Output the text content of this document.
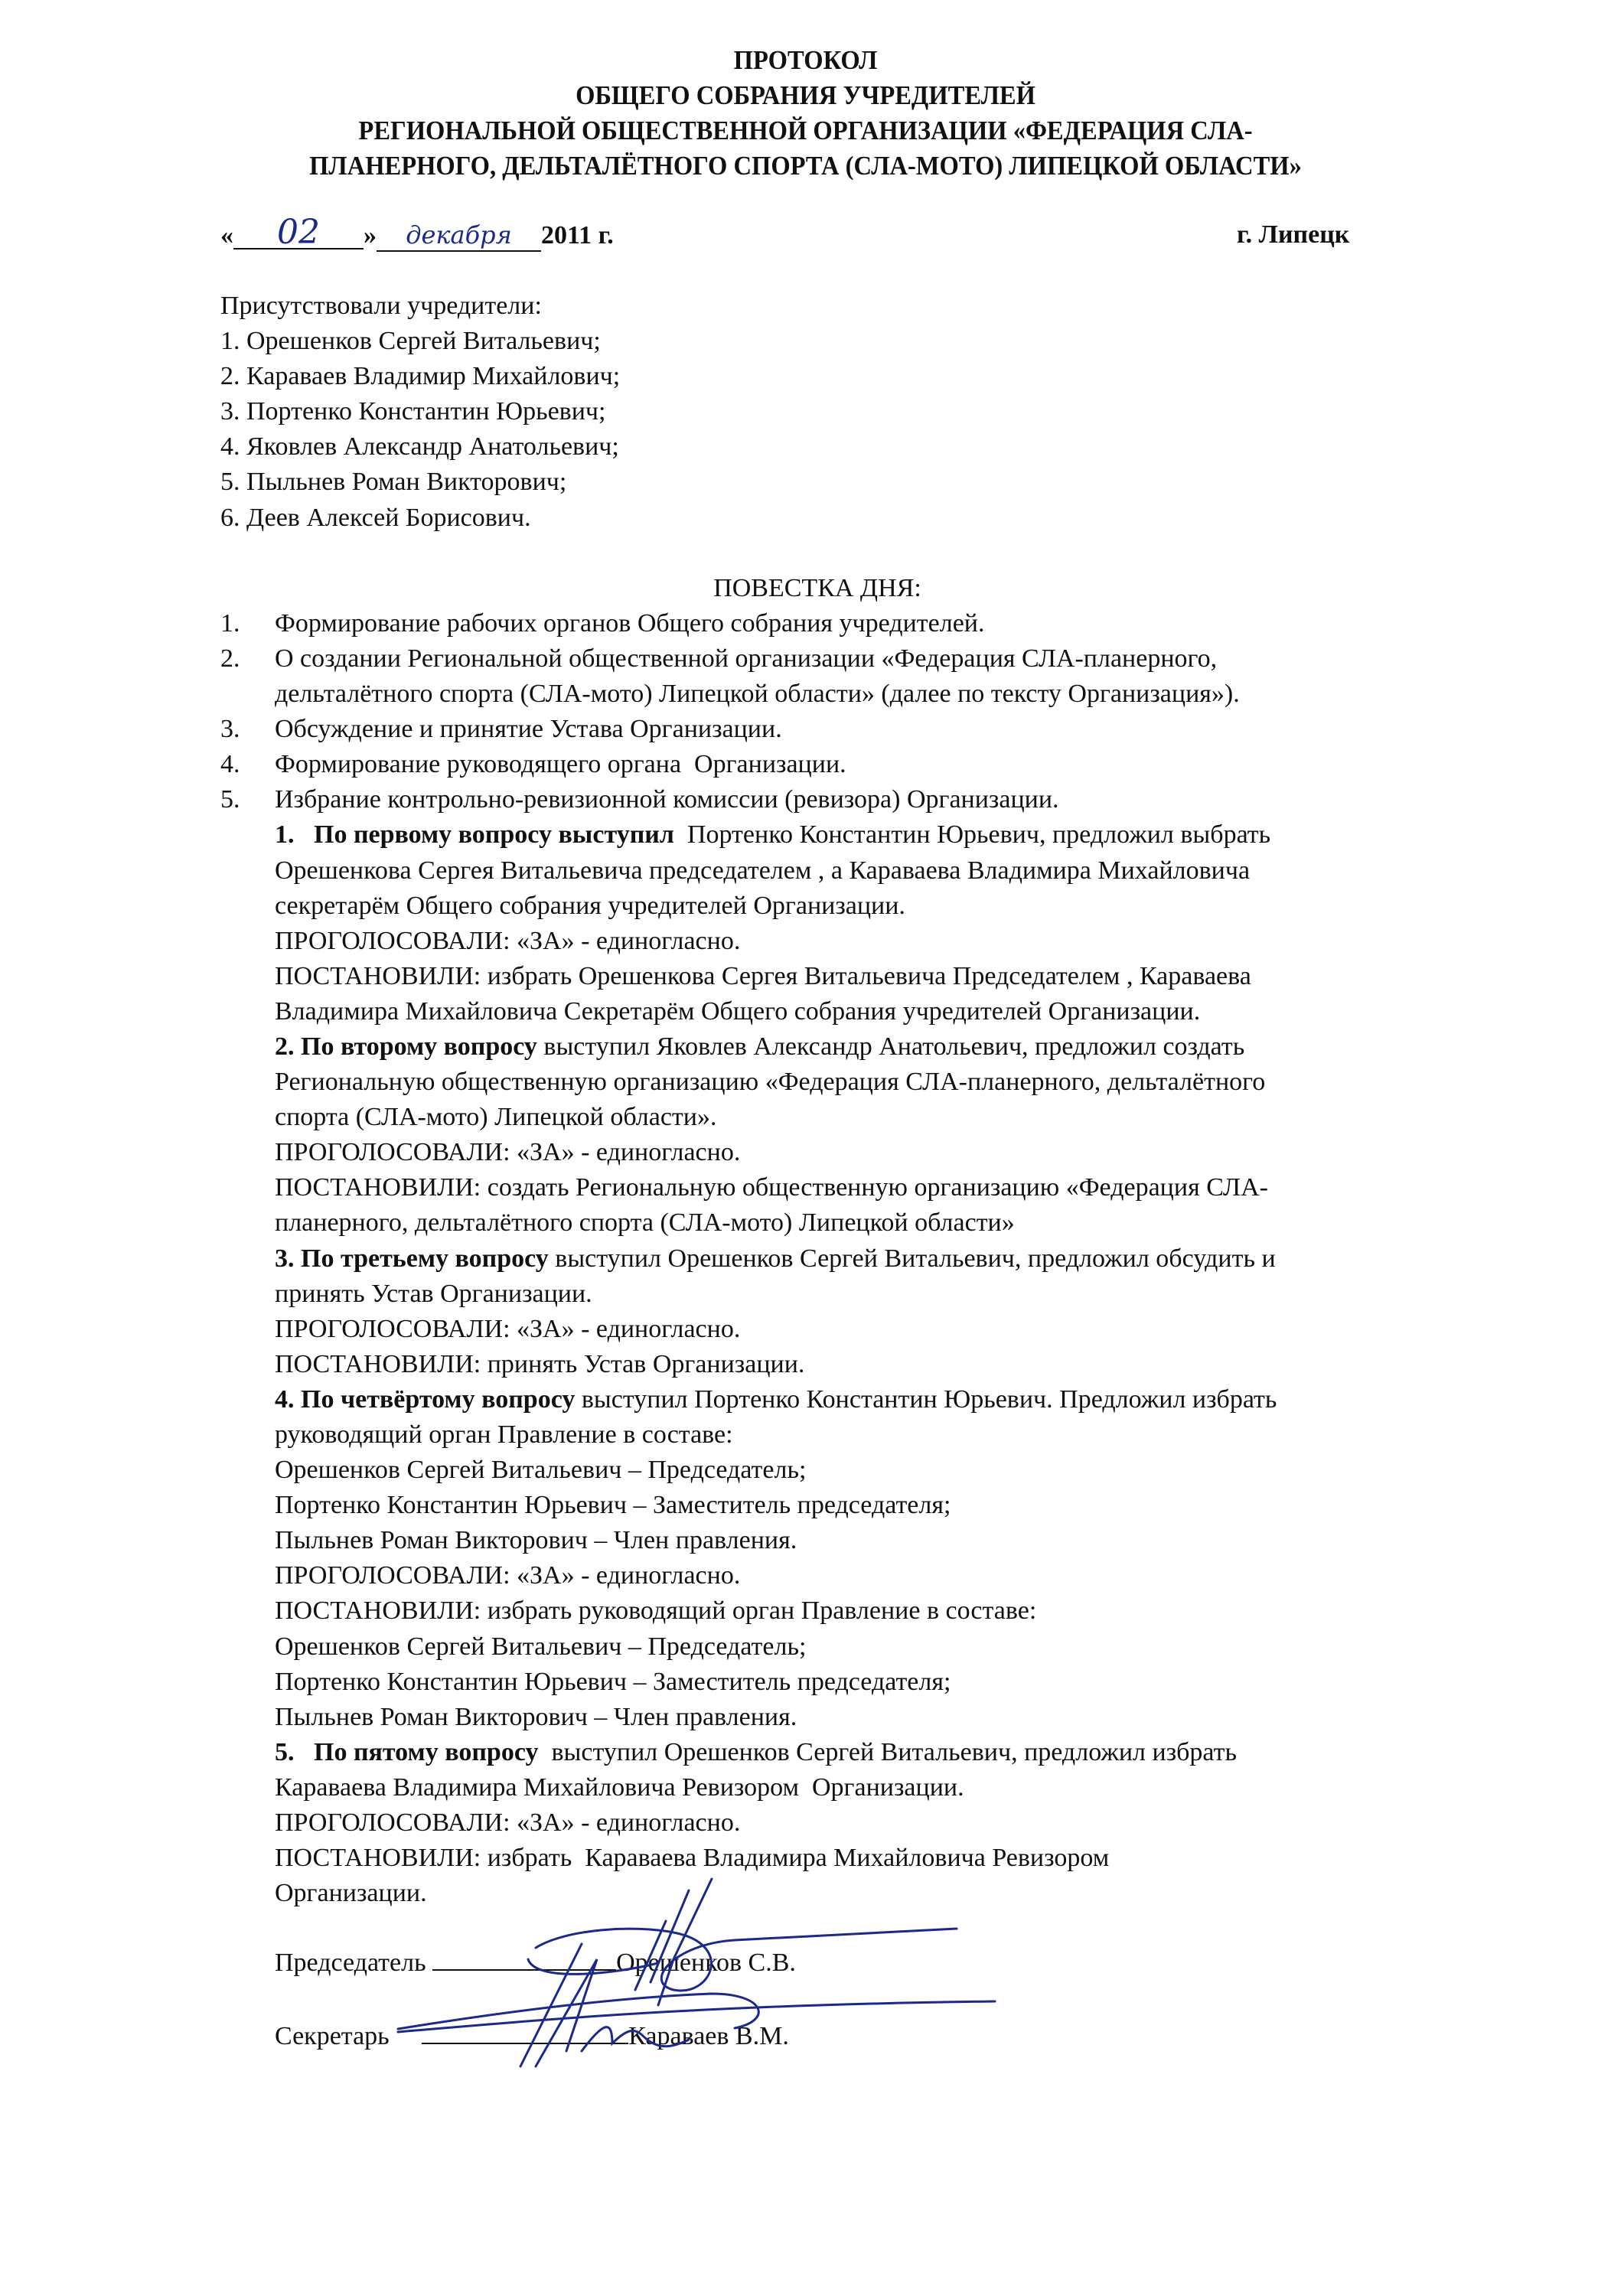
ПРОТОКОЛ
ОБЩЕГО СОБРАНИЯ УЧРЕДИТЕЛЕЙ
РЕГИОНАЛЬНОЙ ОБЩЕСТВЕННОЙ ОРГАНИЗАЦИИ «ФЕДЕРАЦИЯ СЛА-
ПЛАНЕРНОГО, ДЕЛЬТАЛЁТНОГО СПОРТА (СЛА-МОТО) ЛИПЕЦКОЙ ОБЛАСТИ»
« 02 » декабря 2011 г.	г. Липецк
Присутствовали учредители:
1. Орешенков Сергей Витальевич;
2. Караваев Владимир Михайлович;
3. Портенко Константин Юрьевич;
4. Яковлев Александр Анатольевич;
5. Пыльнев Роман Викторович;
6. Деев Алексей Борисович.
ПОВЕСТКА ДНЯ:
1. Формирование рабочих органов Общего собрания учредителей.
2. О создании Региональной общественной организации «Федерация СЛА-планерного,
дельталётного спорта (СЛА-мото) Липецкой области» (далее по тексту Организация»).
3. Обсуждение и принятие Устава Организации.
4. Формирование руководящего органа  Организации.
5. Избрание контрольно-ревизионной комиссии (ревизора) Организации.
1.   По первому вопросу выступил  Портенко Константин Юрьевич, предложил выбрать
Орешенкова Сергея Витальевича председателем , а Караваева Владимира Михайловича
секретарём Общего собрания учредителей Организации.
ПРОГОЛОСОВАЛИ: «ЗА» - единогласно.
ПОСТАНОВИЛИ: избрать Орешенкова Сергея Витальевича Председателем , Караваева
Владимира Михайловича Секретарём Общего собрания учредителей Организации.
2. По второму вопросу выступил Яковлев Александр Анатольевич, предложил создать
Региональную общественную организацию «Федерация СЛА-планерного, дельталётного
спорта (СЛА-мото) Липецкой области».
ПРОГОЛОСОВАЛИ: «ЗА» - единогласно.
ПОСТАНОВИЛИ: создать Региональную общественную организацию «Федерация СЛА-
планерного, дельталётного спорта (СЛА-мото) Липецкой области»
3. По третьему вопросу выступил Орешенков Сергей Витальевич, предложил обсудить и
принять Устав Организации.
ПРОГОЛОСОВАЛИ: «ЗА» - единогласно.
ПОСТАНОВИЛИ: принять Устав Организации.
4. По четвёртому вопросу выступил Портенко Константин Юрьевич. Предложил избрать
руководящий орган Правление в составе:
Орешенков Сергей Витальевич – Председатель;
Портенко Константин Юрьевич – Заместитель председателя;
Пыльнев Роман Викторович – Член правления.
ПРОГОЛОСОВАЛИ: «ЗА» - единогласно.
ПОСТАНОВИЛИ: избрать руководящий орган Правление в составе:
Орешенков Сергей Витальевич – Председатель;
Портенко Константин Юрьевич – Заместитель председателя;
Пыльнев Роман Викторович – Член правления.
5.   По пятому вопросу  выступил Орешенков Сергей Витальевич, предложил избрать
Караваева Владимира Михайловича Ревизором  Организации.
ПРОГОЛОСОВАЛИ: «ЗА» - единогласно.
ПОСТАНОВИЛИ: избрать  Караваева Владимира Михайловича Ревизором
Организации.
Председатель	Орешенков С.В.
Секретарь	Караваев В.М.
